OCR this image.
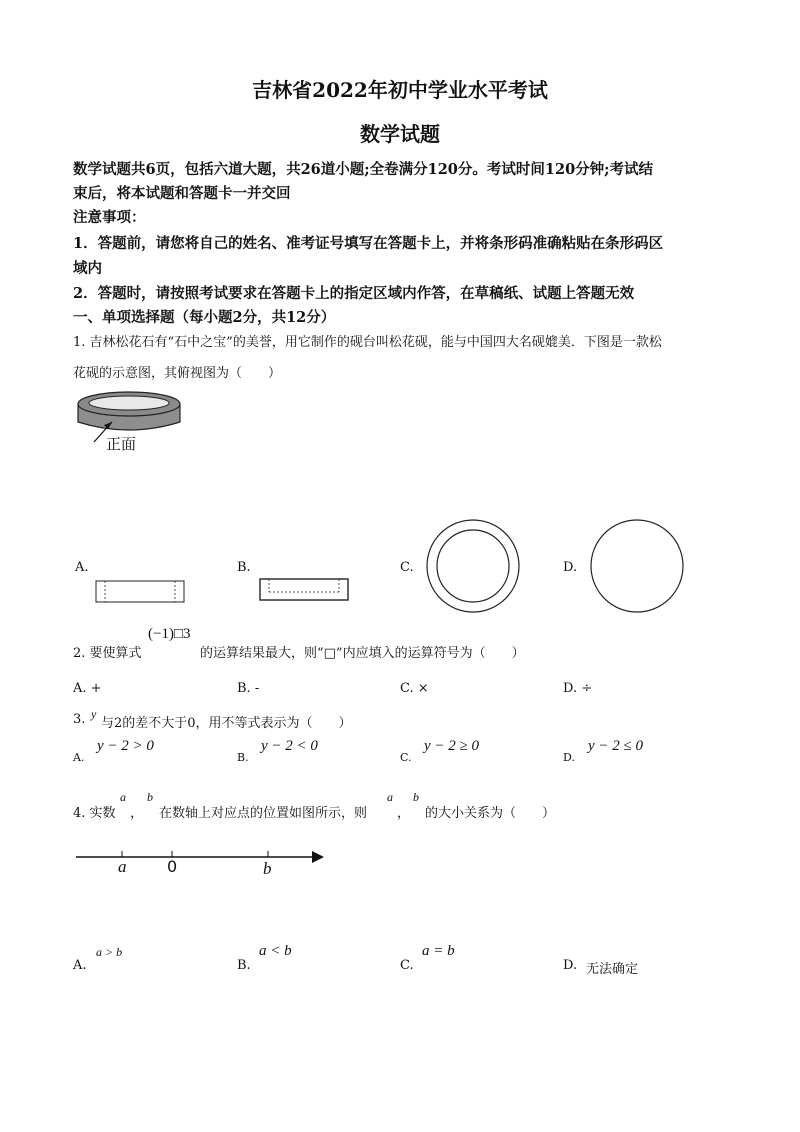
吉林省2022年初中学业水平考试
数学试题
数学试题共6页，包括六道大题，共26道小题;全卷满分120分。考试时间120分钟;考试结
束后，将本试题和答题卡一并交回
注意事项：
1．答题前，请您将自己的姓名、准考证号填写在答题卡上，并将条形码准确粘贴在条形码区
域内
2．答题时，请按照考试要求在答题卡上的指定区域内作答，在草稿纸、试题上答题无效
一、单项选择题（每小题2分，共12分）
1. 吉林松花石有“石中之宝”的美誉，用它制作的砚台叫松花砚，能与中国四大名砚媲美．下图是一款松
花砚的示意图，其俯视图为（　　）
正面
A.	B.	C.	D.
2. 要使算式
(−1)□3
的运算结果最大，则“□”内应填入的运算符号为（　　）
A. +	B. -	C. ×	D. ÷
3. y
与2的差不大于0，用不等式表示为（　　）
A.
y − 2 > 0
B.
y − 2 < 0
C.
y − 2 ≥ 0
D.
y − 2 ≤ 0
4. 实数
a
，
b
在数轴上对应点的位置如图所示，则
a
，
b
的大小关系为（　　）
a	0	b
A.
a > b
B.
a < b
C.
a = b
D. 无法确定
